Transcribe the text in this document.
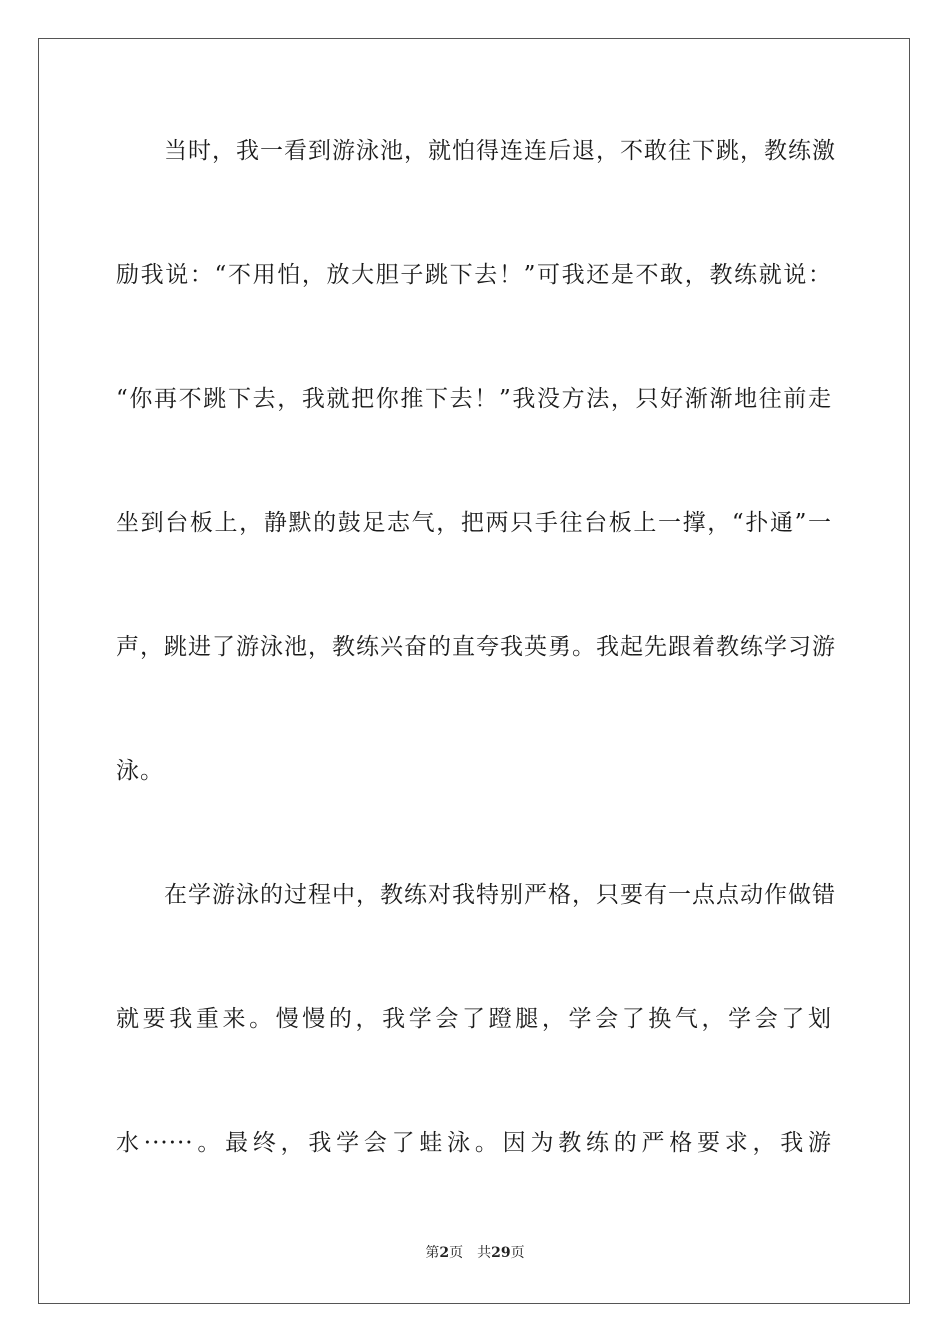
当时，我一看到游泳池，就怕得连连后退，不敢往下跳，教练激
励我说：“不用怕，放大胆子跳下去！”可我还是不敢，教练就说：
“你再不跳下去，我就把你推下去！”我没方法，只好渐渐地往前走
坐到台板上，静默的鼓足志气，把两只手往台板上一撑，“扑通”一
声，跳进了游泳池，教练兴奋的直夸我英勇。我起先跟着教练学习游
泳。
在学游泳的过程中，教练对我特别严格，只要有一点点动作做错
就要我重来。慢慢的，我学会了蹬腿，学会了换气，学会了划
水······。最终，我学会了蛙泳。因为教练的严格要求，我游
第2页 共29页
